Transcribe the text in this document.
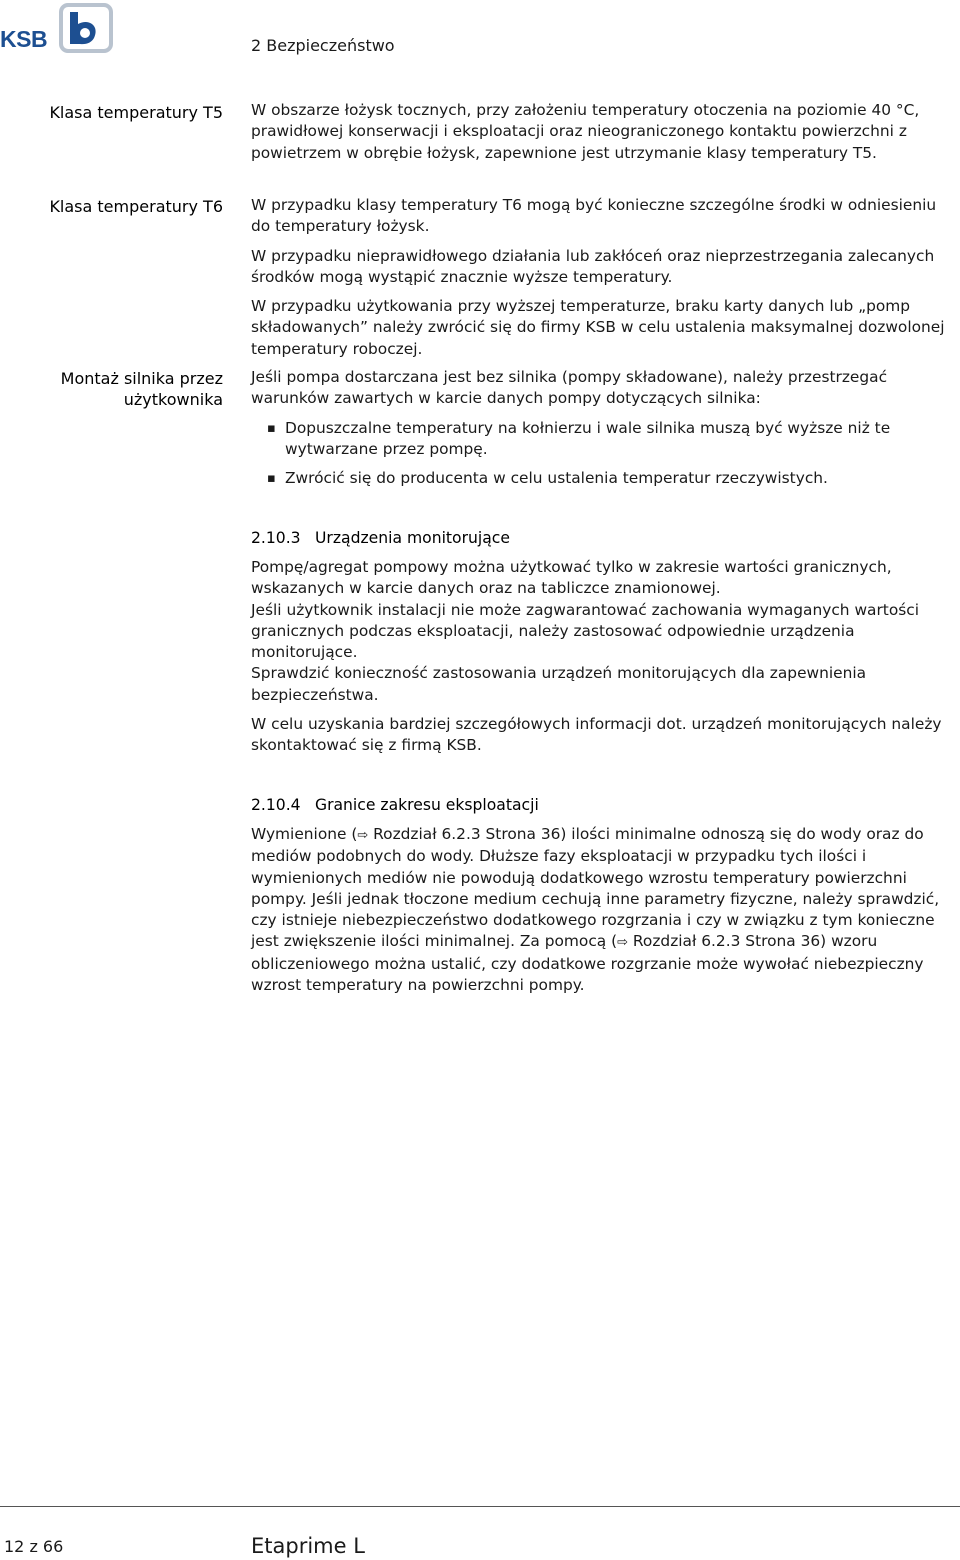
KSB	2 Bezpieczeństwo
Klasa temperatury T5
Klasa temperatury T6
Montaż silnika przez
użytkownika

W obszarze łożysk tocznych, przy założeniu temperatury otoczenia na poziomie 40 °C, prawidłowej konserwacji i eksploatacji oraz nieograniczonego kontaktu powierzchni z powietrzem w obrębie łożysk, zapewnione jest utrzymanie klasy temperatury T5.

W przypadku klasy temperatury T6 mogą być konieczne szczególne środki w odniesieniu do temperatury łożysk.

W przypadku nieprawidłowego działania lub zakłóceń oraz nieprzestrzegania zalecanych środków mogą wystąpić znacznie wyższe temperatury.

W przypadku użytkowania przy wyższej temperaturze, braku karty danych lub „pomp składowanych” należy zwrócić się do firmy KSB w celu ustalenia maksymalnej dozwolonej temperatury roboczej.

Jeśli pompa dostarczana jest bez silnika (pompy składowane), należy przestrzegać warunków zawartych w karcie danych pompy dotyczących silnika:

▪ Dopuszczalne temperatury na kołnierzu i wale silnika muszą być wyższe niż te wytwarzane przez pompę.
▪ Zwrócić się do producenta w celu ustalenia temperatur rzeczywistych.
2.10.3 Urządzenia monitorujące

Pompę/agregat pompowy można użytkować tylko w zakresie wartości granicznych, wskazanych w karcie danych oraz na tabliczce znamionowej.

Jeśli użytkownik instalacji nie może zagwarantować zachowania wymaganych wartości granicznych podczas eksploatacji, należy zastosować odpowiednie urządzenia monitorujące.

Sprawdzić konieczność zastosowania urządzeń monitorujących dla zapewnienia bezpieczeństwa.

W celu uzyskania bardziej szczegółowych informacji dot. urządzeń monitorujących należy skontaktować się z firmą KSB.

2.10.4 Granice zakresu eksploatacji

Wymienione (⇨ Rozdział 6.2.3 Strona 36) ilości minimalne odnoszą się do wody oraz do mediów podobnych do wody. Dłuższe fazy eksploatacji w przypadku tych ilości i wymienionych mediów nie powodują dodatkowego wzrostu temperatury powierzchni pompy. Jeśli jednak tłoczone medium cechują inne parametry fizyczne, należy sprawdzić, czy istnieje niebezpieczeństwo dodatkowego rozgrzania i czy w związku z tym konieczne jest zwiększenie ilości minimalnej. Za pomocą (⇨ Rozdział 6.2.3 Strona 36) wzoru obliczeniowego można ustalić, czy dodatkowe rozgrzanie może wywołać niebezpieczny wzrost temperatury na powierzchni pompy.

12 z 66	Etaprime L
